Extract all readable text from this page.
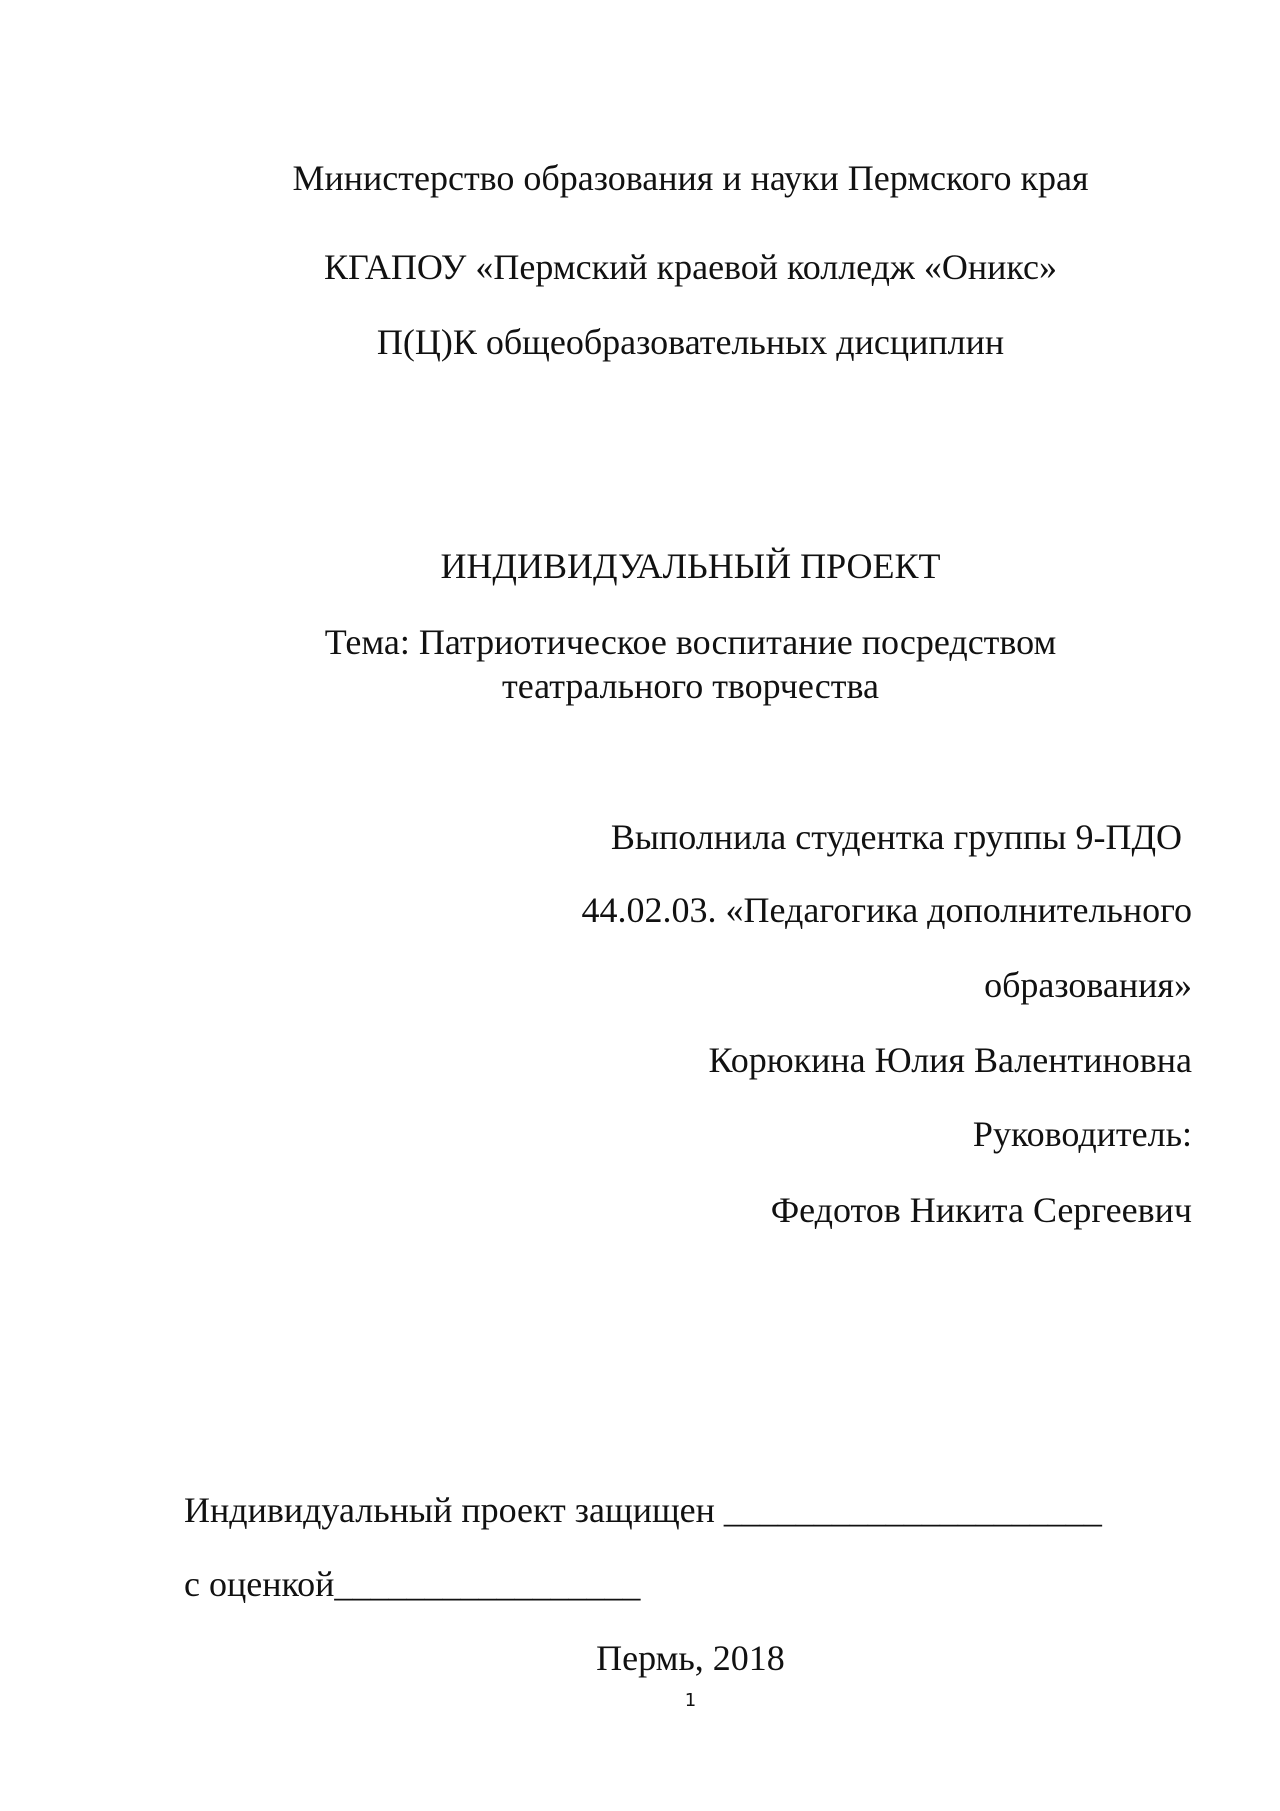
Министерство образования и науки Пермского края

КГАПОУ «Пермский краевой колледж «Оникс»

П(Ц)К общеобразовательных дисциплин

ИНДИВИДУАЛЬНЫЙ ПРОЕКТ

Тема: Патриотическое воспитание посредством

театрального творчества

Выполнила студентка группы 9-ПДО

44.02.03. «Педагогика дополнительного

образования»

Корюкина Юлия Валентиновна

Руководитель:

Федотов Никита Сергеевич

Индивидуальный проект защищен _____________________

с оценкой_________________

Пермь, 2018

1
